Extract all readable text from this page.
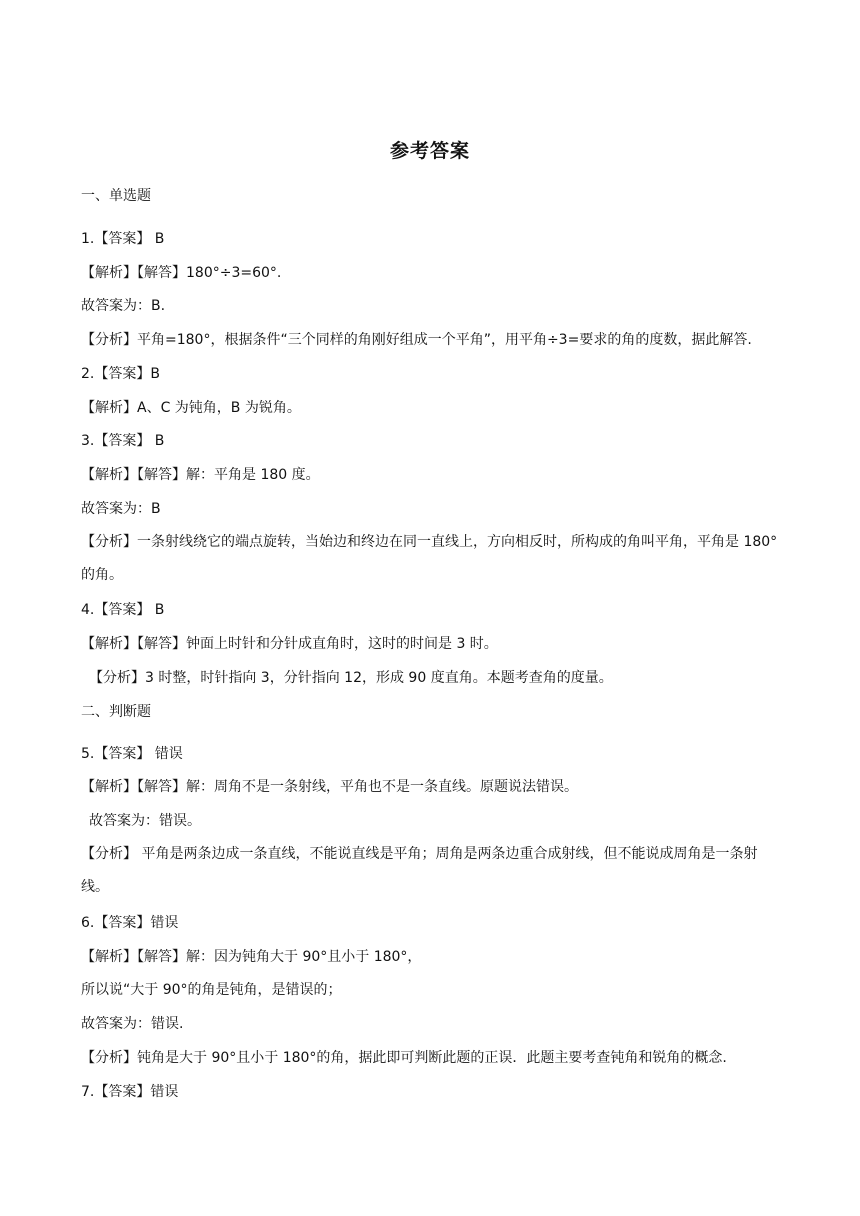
参考答案
一、单选题
1.【答案】 B
【解析】【解答】180°÷3=60°.
故答案为：B.
【分析】平角=180°，根据条件“三个同样的角刚好组成一个平角”，用平角÷3=要求的角的度数，据此解答.
2.【答案】B
【解析】A、C 为钝角，B 为锐角。
3.【答案】 B
【解析】【解答】解：平角是 180 度。
故答案为：B
【分析】一条射线绕它的端点旋转，当始边和终边在同一直线上，方向相反时，所构成的角叫平角，平角是 180°的角。
4.【答案】 B
【解析】【解答】钟面上时针和分针成直角时，这时的时间是 3 时。
【分析】3 时整，时针指向 3，分针指向 12，形成 90 度直角。本题考查角的度量。
二、判断题
5.【答案】 错误
【解析】【解答】解：周角不是一条射线，平角也不是一条直线。原题说法错误。
故答案为：错误。
【分析】 平角是两条边成一条直线，不能说直线是平角；周角是两条边重合成射线，但不能说成周角是一条射线。
6.【答案】错误
【解析】【解答】解：因为钝角大于 90°且小于 180°，
所以说“大于 90°的角是钝角，是错误的；
故答案为：错误.
【分析】钝角是大于 90°且小于 180°的角，据此即可判断此题的正误．此题主要考查钝角和锐角的概念.
7.【答案】错误
